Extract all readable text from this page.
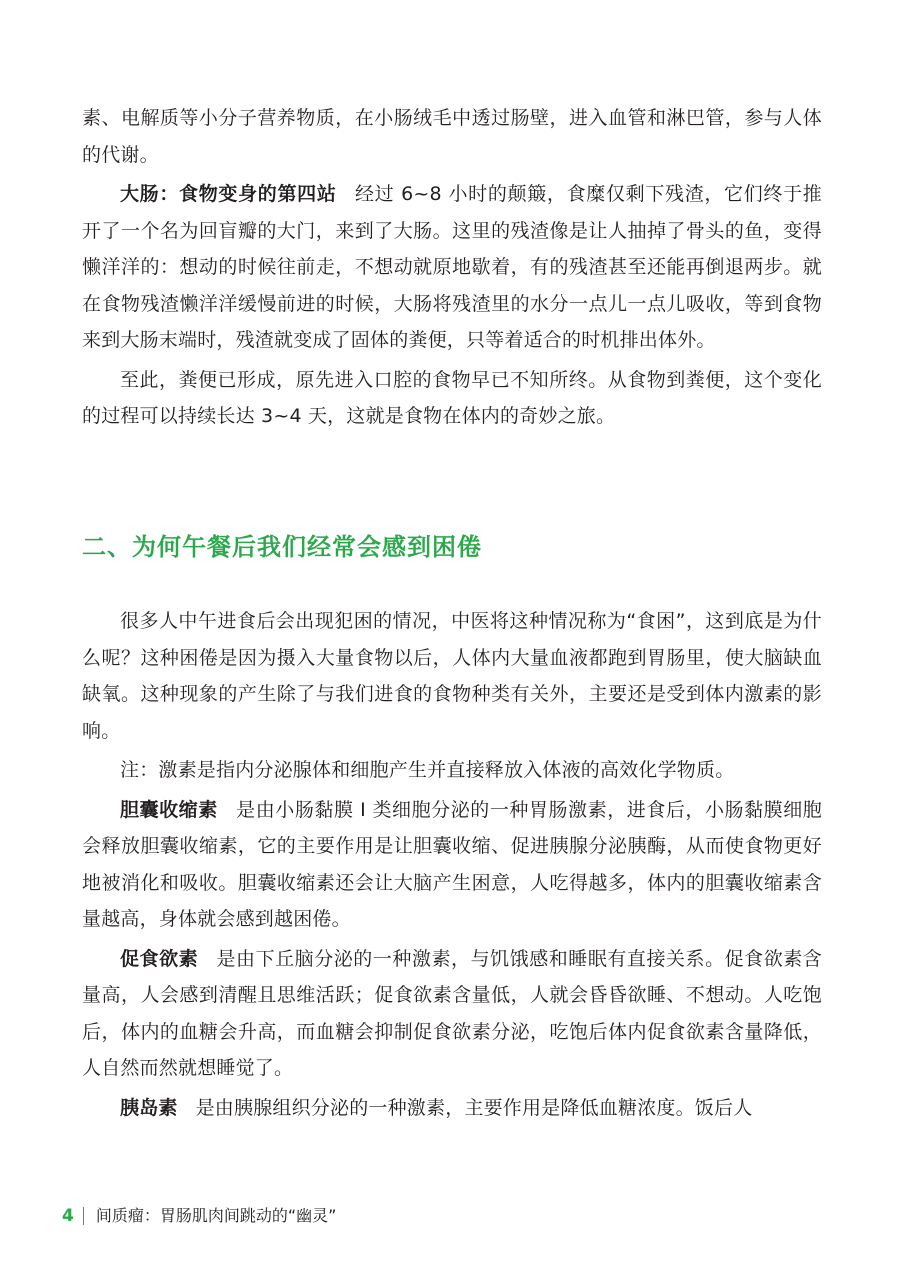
素、电解质等小分子营养物质，在小肠绒毛中透过肠壁，进入血管和淋巴管，参与人体的代谢。

大肠：食物变身的第四站 经过 6~8 小时的颠簸，食糜仅剩下残渣，它们终于推开了一个名为回盲瓣的大门，来到了大肠。这里的残渣像是让人抽掉了骨头的鱼，变得懒洋洋的：想动的时候往前走，不想动就原地歇着，有的残渣甚至还能再倒退两步。就在食物残渣懒洋洋缓慢前进的时候，大肠将残渣里的水分一点儿一点儿吸收，等到食物来到大肠末端时，残渣就变成了固体的粪便，只等着适合的时机排出体外。

至此，粪便已形成，原先进入口腔的食物早已不知所终。从食物到粪便，这个变化的过程可以持续长达 3~4 天，这就是食物在体内的奇妙之旅。

二、为何午餐后我们经常会感到困倦

很多人中午进食后会出现犯困的情况，中医将这种情况称为“食困”，这到底是为什么呢？这种困倦是因为摄入大量食物以后，人体内大量血液都跑到胃肠里，使大脑缺血缺氧。这种现象的产生除了与我们进食的食物种类有关外，主要还是受到体内激素的影响。

注：激素是指内分泌腺体和细胞产生并直接释放入体液的高效化学物质。

胆囊收缩素 是由小肠黏膜 I 类细胞分泌的一种胃肠激素，进食后，小肠黏膜细胞会释放胆囊收缩素，它的主要作用是让胆囊收缩、促进胰腺分泌胰酶，从而使食物更好地被消化和吸收。胆囊收缩素还会让大脑产生困意，人吃得越多，体内的胆囊收缩素含量越高，身体就会感到越困倦。

促食欲素 是由下丘脑分泌的一种激素，与饥饿感和睡眠有直接关系。促食欲素含量高，人会感到清醒且思维活跃；促食欲素含量低，人就会昏昏欲睡、不想动。人吃饱后，体内的血糖会升高，而血糖会抑制促食欲素分泌，吃饱后体内促食欲素含量降低，人自然而然就想睡觉了。

胰岛素 是由胰腺组织分泌的一种激素，主要作用是降低血糖浓度。饭后人

4 间质瘤：胃肠肌肉间跳动的“幽灵”
